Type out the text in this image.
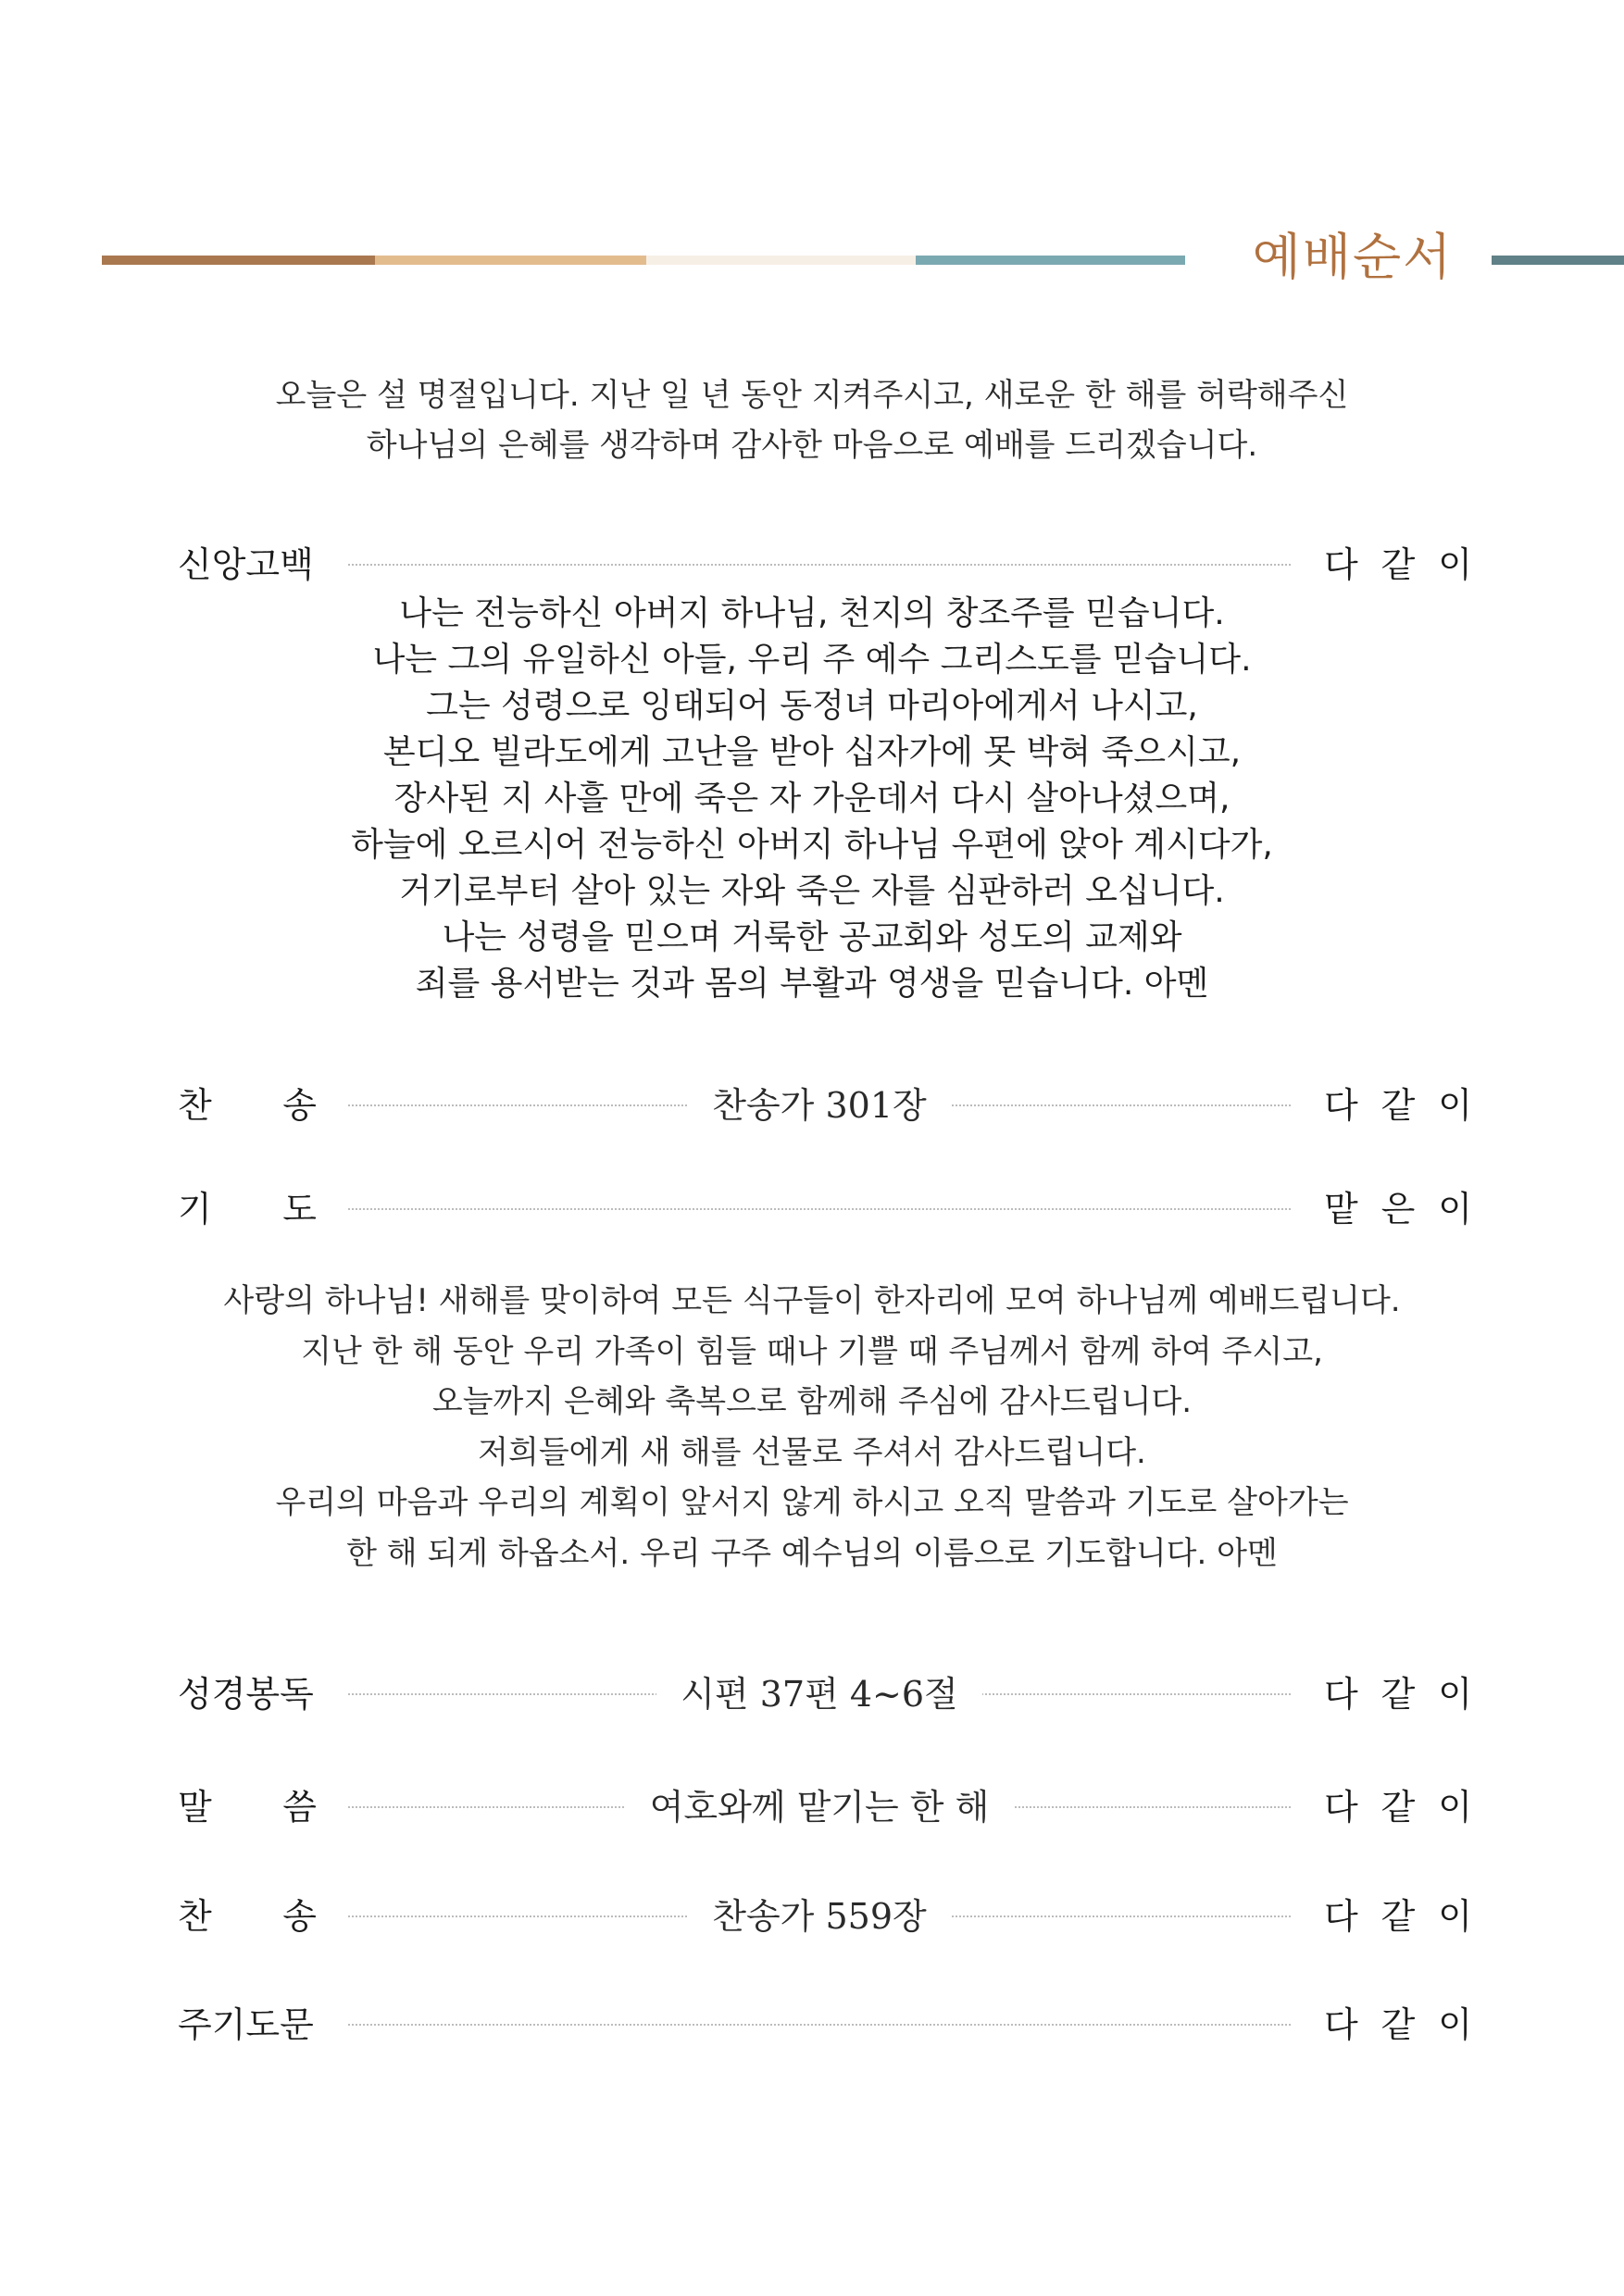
예배순서
오늘은 설 명절입니다. 지난 일 년 동안 지켜주시고, 새로운 한 해를 허락해주신
하나님의 은혜를 생각하며 감사한 마음으로 예배를 드리겠습니다.
신앙고백	다 같 이
나는 전능하신 아버지 하나님, 천지의 창조주를 믿습니다.
나는 그의 유일하신 아들, 우리 주 예수 그리스도를 믿습니다.
그는 성령으로 잉태되어 동정녀 마리아에게서 나시고,
본디오 빌라도에게 고난을 받아 십자가에 못 박혀 죽으시고,
장사된 지 사흘 만에 죽은 자 가운데서 다시 살아나셨으며,
하늘에 오르시어 전능하신 아버지 하나님 우편에 앉아 계시다가,
거기로부터 살아 있는 자와 죽은 자를 심판하러 오십니다.
나는 성령을 믿으며 거룩한 공교회와 성도의 교제와
죄를 용서받는 것과 몸의 부활과 영생을 믿습니다. 아멘
찬 송	찬송가 301장	다 같 이
기 도	맡 은 이
사랑의 하나님! 새해를 맞이하여 모든 식구들이 한자리에 모여 하나님께 예배드립니다.
지난 한 해 동안 우리 가족이 힘들 때나 기쁠 때 주님께서 함께 하여 주시고,
오늘까지 은혜와 축복으로 함께해 주심에 감사드립니다.
저희들에게 새 해를 선물로 주셔서 감사드립니다.
우리의 마음과 우리의 계획이 앞서지 않게 하시고 오직 말씀과 기도로 살아가는
한 해 되게 하옵소서. 우리 구주 예수님의 이름으로 기도합니다. 아멘
성경봉독	시편 37편 4~6절	다 같 이
말 씀	여호와께 맡기는 한 해	다 같 이
찬 송	찬송가 559장	다 같 이
주기도문	다 같 이
